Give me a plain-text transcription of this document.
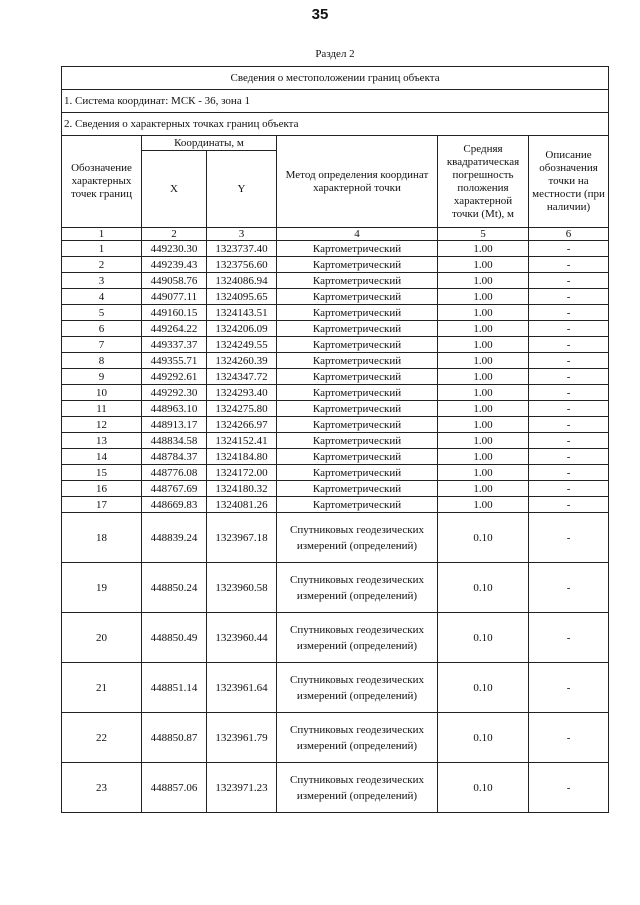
35
Раздел 2
Сведения о местоположении границ объекта					
1. Система координат: МСК - 36, зона 1					
2. Сведения о характерных точках границ объекта					
Обозначение характерных точек границ	Координаты, м		Метод определения координат характерной точки	Средняя квадратическая погрешность положения характерной точки (Mt), м	Описание обозначения точки на местности (при наличии)
	X	Y			
1	2	3	4	5	6
1	449230.30	1323737.40	Картометрический	1.00	-
2	449239.43	1323756.60	Картометрический	1.00	-
3	449058.76	1324086.94	Картометрический	1.00	-
4	449077.11	1324095.65	Картометрический	1.00	-
5	449160.15	1324143.51	Картометрический	1.00	-
6	449264.22	1324206.09	Картометрический	1.00	-
7	449337.37	1324249.55	Картометрический	1.00	-
8	449355.71	1324260.39	Картометрический	1.00	-
9	449292.61	1324347.72	Картометрический	1.00	-
10	449292.30	1324293.40	Картометрический	1.00	-
11	448963.10	1324275.80	Картометрический	1.00	-
12	448913.17	1324266.97	Картометрический	1.00	-
13	448834.58	1324152.41	Картометрический	1.00	-
14	448784.37	1324184.80	Картометрический	1.00	-
15	448776.08	1324172.00	Картометрический	1.00	-
16	448767.69	1324180.32	Картометрический	1.00	-
17	448669.83	1324081.26	Картометрический	1.00	-
18	448839.24	1323967.18	Спутниковых геодезических измерений (определений)	0.10	-
19	448850.24	1323960.58	Спутниковых геодезических измерений (определений)	0.10	-
20	448850.49	1323960.44	Спутниковых геодезических измерений (определений)	0.10	-
21	448851.14	1323961.64	Спутниковых геодезических измерений (определений)	0.10	-
22	448850.87	1323961.79	Спутниковых геодезических измерений (определений)	0.10	-
23	448857.06	1323971.23	Спутниковых геодезических измерений (определений)	0.10	-
